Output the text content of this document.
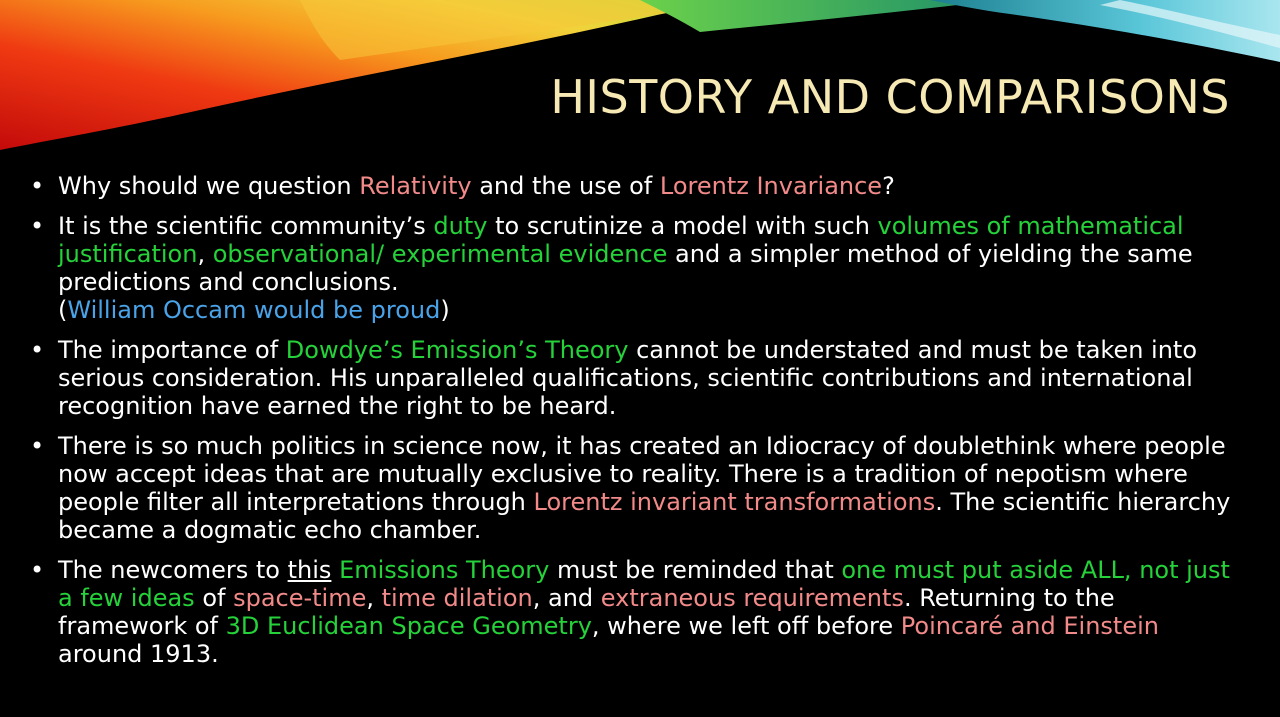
HISTORY AND COMPARISONS
• Why should we question Relativity and the use of Lorentz Invariance?
• It is the scientific community’s duty to scrutinize a model with such volumes of mathematical justification, observational/ experimental evidence and a simpler method of yielding the same predictions and conclusions.
(William Occam would be proud)
• The importance of Dowdye’s Emission’s Theory cannot be understated and must be taken into serious consideration. His unparalleled qualifications, scientific contributions and international recognition have earned the right to be heard.
• There is so much politics in science now, it has created an Idiocracy of doublethink where people now accept ideas that are mutually exclusive to reality. There is a tradition of nepotism where people filter all interpretations through Lorentz invariant transformations. The scientific hierarchy became a dogmatic echo chamber.
• The newcomers to this Emissions Theory must be reminded that one must put aside ALL, not just a few ideas of space-time, time dilation, and extraneous requirements. Returning to the framework of 3D Euclidean Space Geometry, where we left off before Poincaré and Einstein around 1913.
